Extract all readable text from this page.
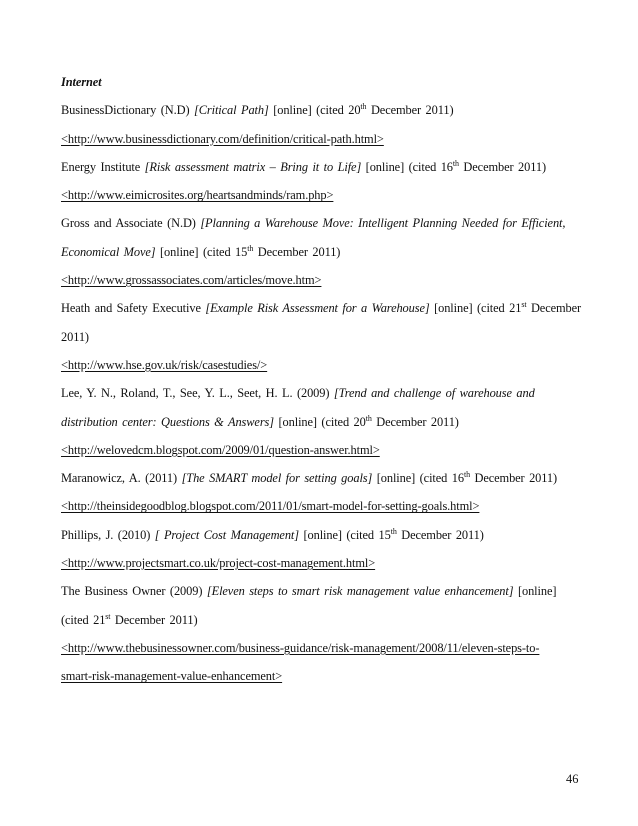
Internet
BusinessDictionary (N.D) [Critical Path] [online] (cited 20th December 2011)
<http://www.businessdictionary.com/definition/critical-path.html>
Energy Institute [Risk assessment matrix – Bring it to Life] [online] (cited 16th December 2011)
<http://www.eimicrosites.org/heartsandminds/ram.php>
Gross and Associate (N.D) [Planning a Warehouse Move: Intelligent Planning Needed for Efficient,
Economical Move] [online] (cited 15th December 2011)
<http://www.grossassociates.com/articles/move.htm>
Heath and Safety Executive [Example Risk Assessment for a Warehouse] [online] (cited 21st December
2011)
<http://www.hse.gov.uk/risk/casestudies/>
Lee, Y. N., Roland, T., See, Y. L., Seet, H. L. (2009) [Trend and challenge of warehouse and
distribution center: Questions & Answers] [online] (cited 20th December 2011)
<http://welovedcm.blogspot.com/2009/01/question-answer.html>
Maranowicz, A. (2011) [The SMART model for setting goals] [online] (cited 16th December 2011)
<http://theinsidegoodblog.blogspot.com/2011/01/smart-model-for-setting-goals.html>
Phillips, J. (2010) [ Project Cost Management] [online] (cited 15th December 2011)
<http://www.projectsmart.co.uk/project-cost-management.html>
The Business Owner (2009) [Eleven steps to smart risk management value enhancement] [online]
(cited 21st December 2011)
<http://www.thebusinessowner.com/business-guidance/risk-management/2008/11/eleven-steps-to-
smart-risk-management-value-enhancement>
46
